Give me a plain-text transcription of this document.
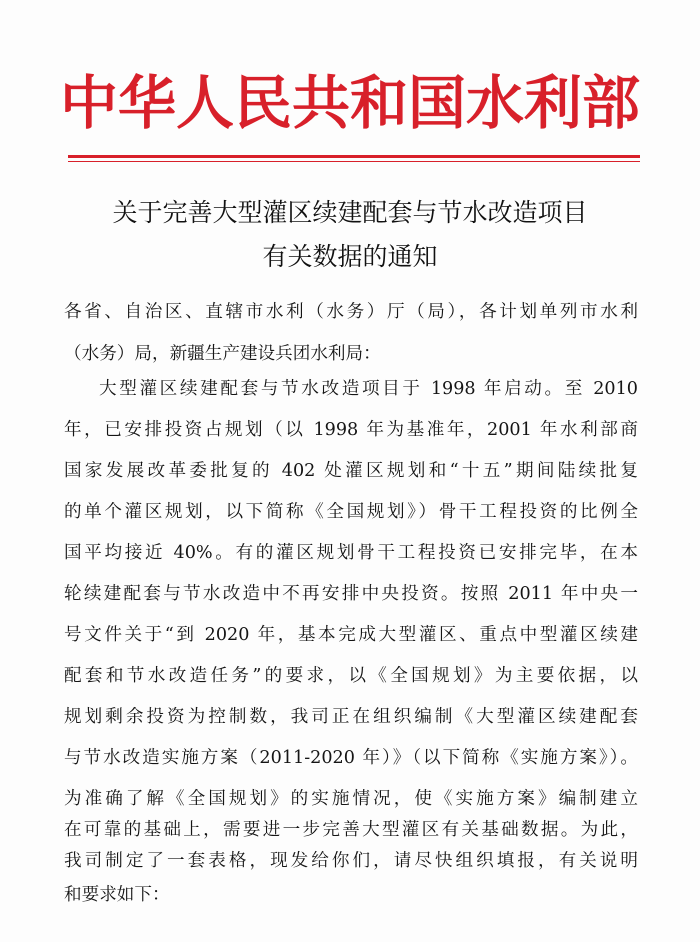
中华人民共和国水利部
关于完善大型灌区续建配套与节水改造项目
有关数据的通知
各省、自治区、直辖市水利（水务）厅（局），各计划单列市水利
（水务）局，新疆生产建设兵团水利局：
大型灌区续建配套与节水改造项目于 1998 年启动。至 2010
年，已安排投资占规划（以 1998 年为基准年，2001 年水利部商
国家发展改革委批复的 402 处灌区规划和“十五”期间陆续批复
的单个灌区规划，以下简称《全国规划》）骨干工程投资的比例全
国平均接近 40%。有的灌区规划骨干工程投资已安排完毕，在本
轮续建配套与节水改造中不再安排中央投资。按照 2011 年中央一
号文件关于“到 2020 年，基本完成大型灌区、重点中型灌区续建
配套和节水改造任务”的要求，以《全国规划》为主要依据，以
规划剩余投资为控制数，我司正在组织编制《大型灌区续建配套
与节水改造实施方案（2011-2020 年）》（以下简称《实施方案》）。
为准确了解《全国规划》的实施情况，使《实施方案》编制建立
在可靠的基础上，需要进一步完善大型灌区有关基础数据。为此，
我司制定了一套表格，现发给你们，请尽快组织填报，有关说明
和要求如下：
